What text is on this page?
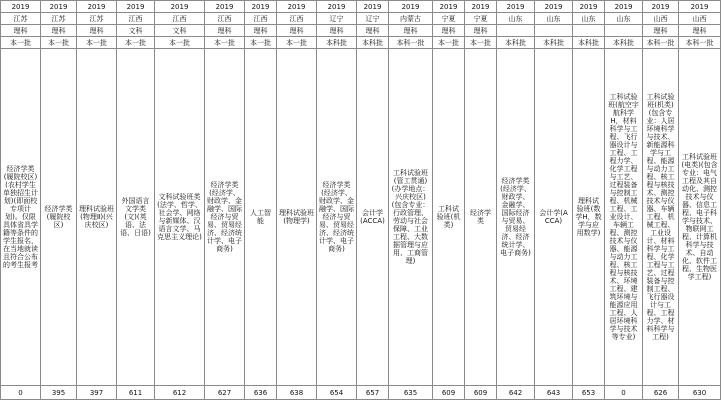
2019	2019	2019	2019	2019	2019	2019	2019	2019	2019	2019	2019	2019	2019	2019	2019	2019	2019	2019
江苏	江苏	江苏	江西	江西	江西	江西	江西	辽宁	辽宁	内蒙古	宁夏	宁夏	山东	山东	山东	山东	山西	山西
理科	理科	理科	文科	文科	理科	理科	理科	理科	理科	理科	理科	理科					理科	理科
本一批	本一批	本一批	本一批	本一批	本一批	本一批	本一批	本科批	本科批	本科一批	本一批	本一批	本科批	本科批	本科批	本科批	本科一批	本科一批

经济学类(履院校区)(农村学生单独招生计划)(即面校专项计划)。仅限具体省具学籍等条件的学生报名，在当地就读且符合公布的考生报考	经济学类(履院校区)	理科试验班(物理Ⅱ)(兴庆校区)	外国语言文学类(文)(英语、法语、日语)	文科试验班类(法学、哲学、社会学、网络与新媒体、汉语言文学、马克思主义理论)	经济学类(经济学、财政学、金融学、国际经济与贸易、贸易经济、经济统计学、电子商务)	人工智能	理科试验班(物理学)	经济学类(经济学、财政学、金融学、国际经济与贸易、贸易经济、经济统计学、电子商务)	会计学(ACCA)	工科试验班(管工贯通)(办学地点：兴庆校区)(包含专业：行政管理、劳动与社会保障、工业工程、大数据管理与应用、工商管理)	工科试验班(机类)	经济学类	经济学类(经济学、财政学、金融学、国际经济与贸易、贸易经济、经济统计学、电子商务)	会计学(ACCA)	理科试验班(数学H，数学与应用数学)	工科试验班(航空宇航科学H，材料科学与工程、飞行器设计与工程、工程力学、化学工程与工艺、过程装备与控制工程、机械工程、工业设计、车辆工程、测控技术与仪器、能源与动力工程、核工程与核技术、环境工程、建筑环境与能源应用工程、人居环境科学与技术等专业)	工科试验班(机类)(包含专业：人居环境科学与技术、新能源科学与工程、能源与动力工程、核工程与核技术、测控技术与仪器、车辆工程、机械工程、工业设计、材料科学与工程、化学工程与工艺、过程装备与控制工程、飞行器设计与工程、工程力学、材料科学与工程)	工科试验班(电类)(包含专业：电气工程及其自动化、测控技术与仪器、信息工程、电子科学与技术、物联网工程、计算机科学与技术、自动化、软件工程、生物医学工程)

0	395	397	611	612	627	636	638	654	657	635	609	609	642	643	653	0	626	630
